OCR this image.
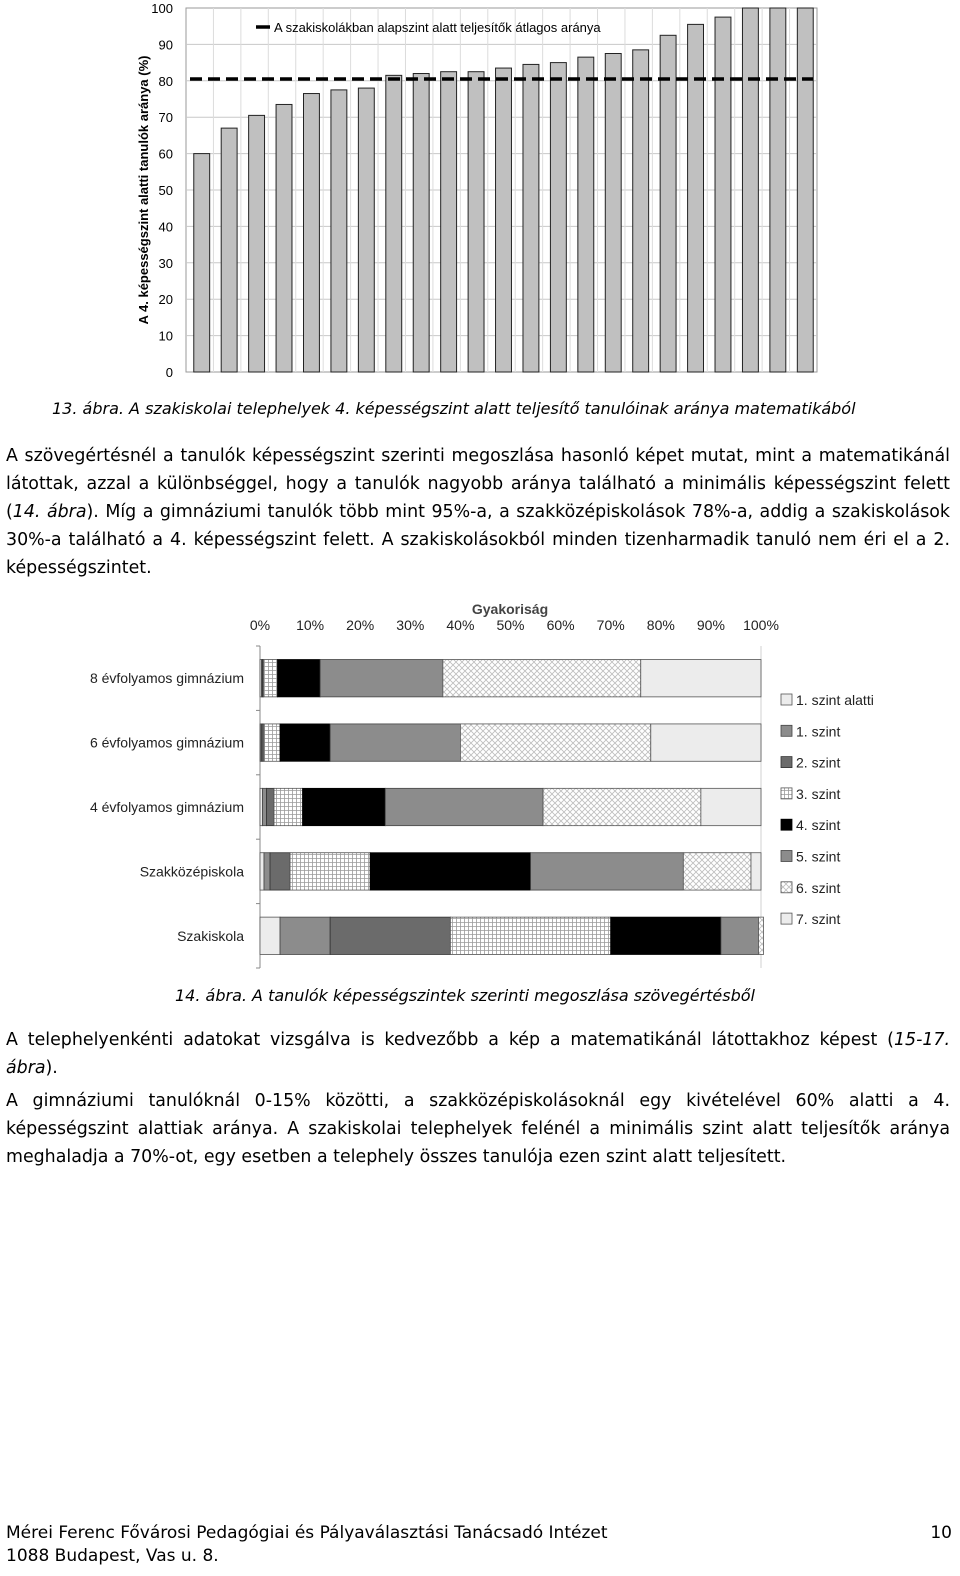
0
10
20
30
40
50
60
70
80
90
100
A szakiskolákban alapszint alatt teljesítők átlagos aránya
A 4. képességszint alatti tanulók aránya (%)
13. ábra. A szakiskolai telephelyek 4. képességszint alatt teljesítő tanulóinak aránya matematikából
A szövegértésnél a tanulók képességszint szerinti megoszlása hasonló képet mutat, mint a matematikánál látottak, azzal a különbséggel, hogy a tanulók nagyobb aránya található a minimális képességszint felett (14. ábra). Míg a gimnáziumi tanulók több mint 95%-a, a szakközépiskolások 78%-a, addig a szakiskolások 30%-a található a 4. képességszint felett. A szakiskolásokból minden tizenharmadik tanuló nem éri el a 2. képességszintet.
Gyakoriság
0% 10% 20% 30% 40% 50% 60% 70% 80% 90% 100%
8 évfolyamos gimnázium
6 évfolyamos gimnázium
4 évfolyamos gimnázium
Szakközépiskola
Szakiskola
1. szint alatti
1. szint
2. szint
3. szint
4. szint
5. szint
6. szint
7. szint
14. ábra. A tanulók képességszintek szerinti megoszlása szövegértésből
A telephelyenkénti adatokat vizsgálva is kedvezőbb a kép a matematikánál látottakhoz képest (15-17. ábra).
A gimnáziumi tanulóknál 0-15% közötti, a szakközépiskolásoknál egy kivételével 60% alatti a 4. képességszint alattiak aránya. A szakiskolai telephelyek felénél a minimális szint alatt teljesítők aránya meghaladja a 70%-ot, egy esetben a telephely összes tanulója ezen szint alatt teljesített.
Mérei Ferenc Fővárosi Pedagógiai és Pályaválasztási Tanácsadó Intézet	10
1088 Budapest, Vas u. 8.
